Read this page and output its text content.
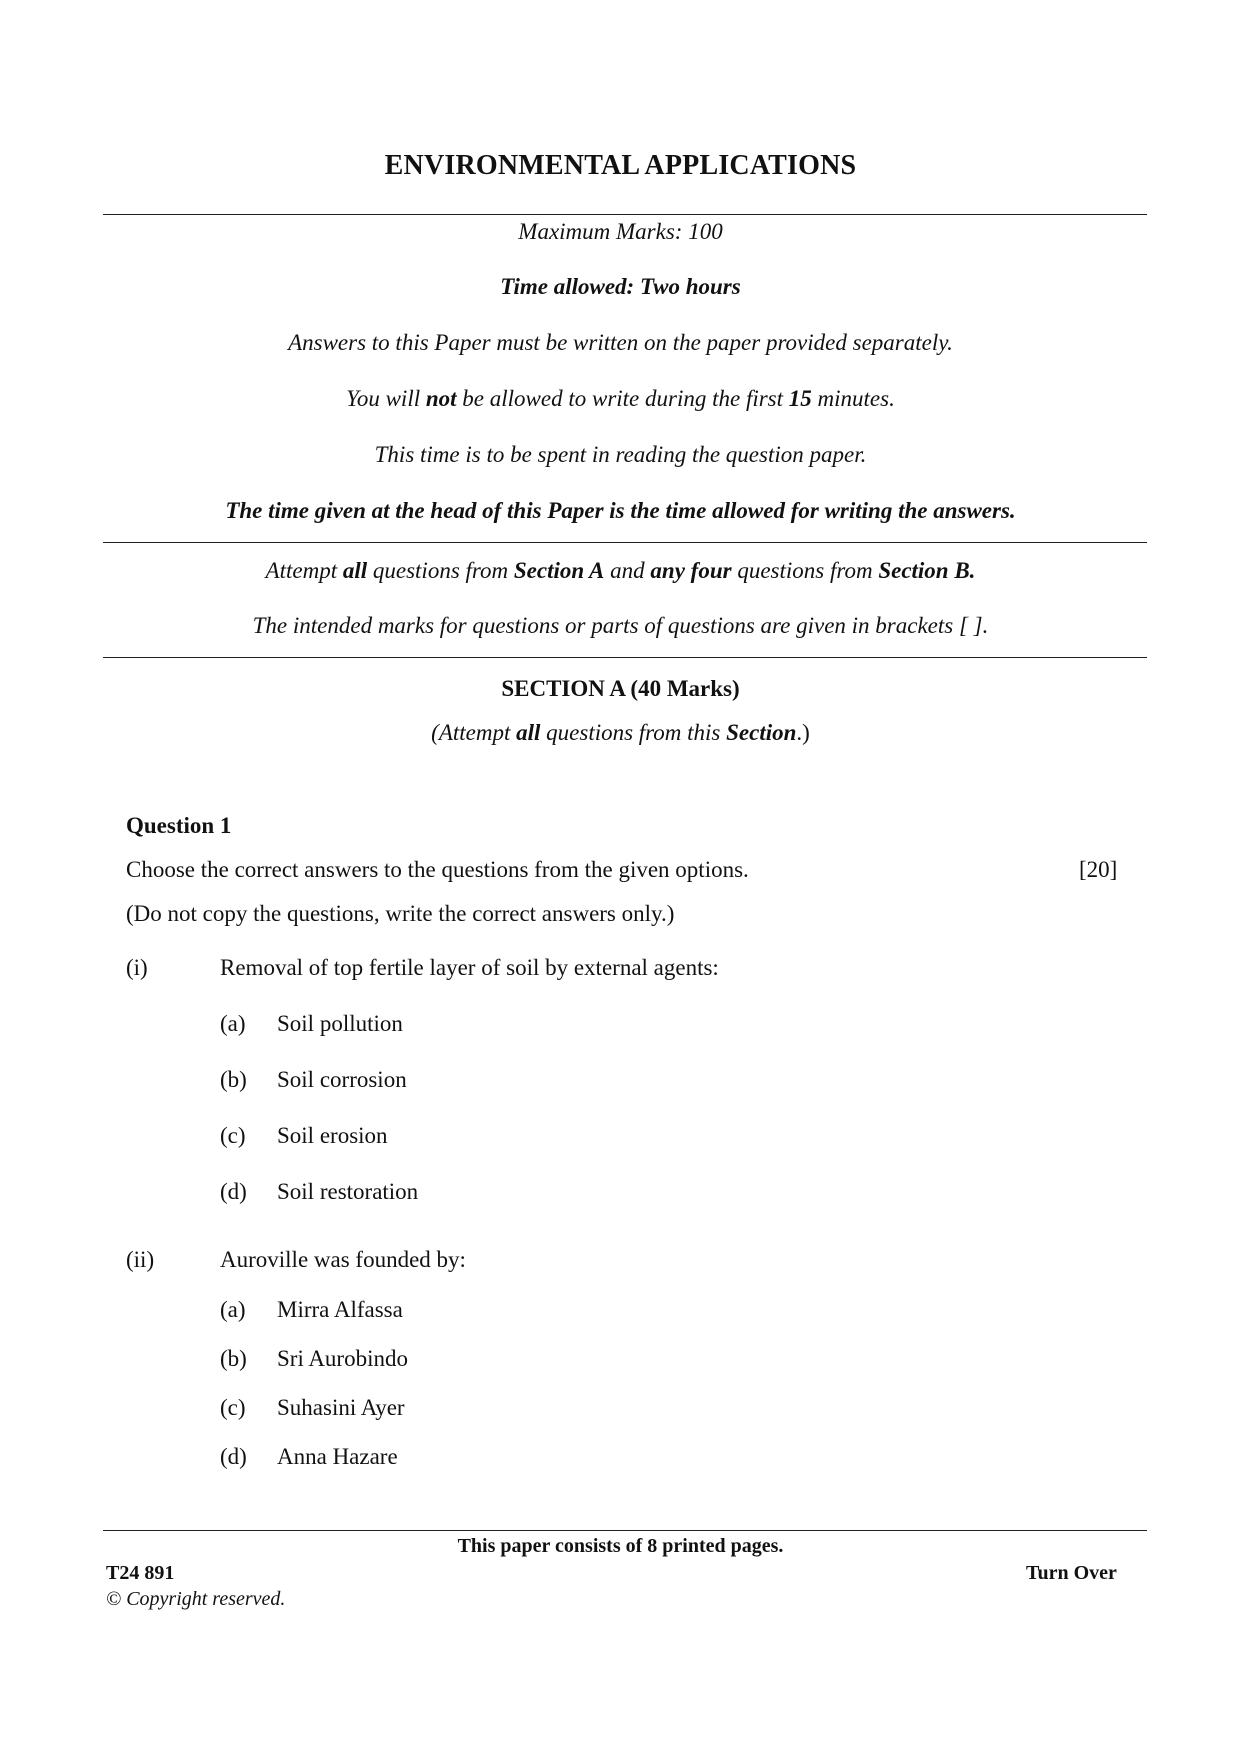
ENVIRONMENTAL APPLICATIONS
Maximum Marks: 100
Time allowed: Two hours
Answers to this Paper must be written on the paper provided separately.
You will not be allowed to write during the first 15 minutes.
This time is to be spent in reading the question paper.
The time given at the head of this Paper is the time allowed for writing the answers.
Attempt all questions from Section A and any four questions from Section B.
The intended marks for questions or parts of questions are given in brackets [ ].
SECTION A (40 Marks)
(Attempt all questions from this Section.)
Question 1
Choose the correct answers to the questions from the given options.	[20]
(Do not copy the questions, write the correct answers only.)
(i)	Removal of top fertile layer of soil by external agents:
(a) Soil pollution
(b) Soil corrosion
(c) Soil erosion
(d) Soil restoration
(ii)	Auroville was founded by:
(a) Mirra Alfassa
(b) Sri Aurobindo
(c) Suhasini Ayer
(d) Anna Hazare
This paper consists of 8 printed pages.
T24 891	Turn Over
© Copyright reserved.
